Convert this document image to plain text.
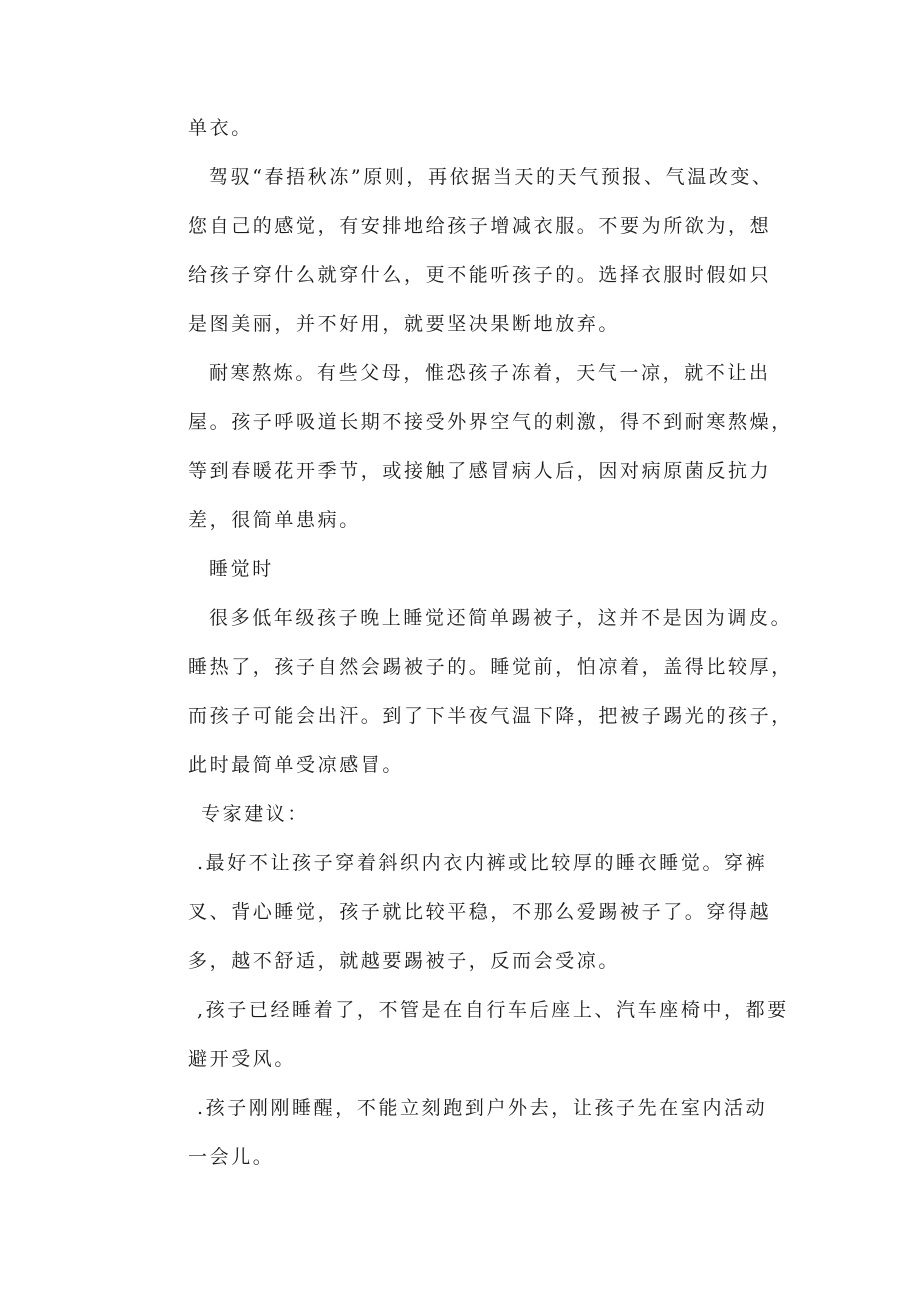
单衣。
驾驭“春捂秋冻”原则，再依据当天的天气预报、气温改变、
您自己的感觉，有安排地给孩子增减衣服。不要为所欲为，想
给孩子穿什么就穿什么，更不能听孩子的。选择衣服时假如只
是图美丽，并不好用，就要坚决果断地放弃。
耐寒熬炼。有些父母，惟恐孩子冻着，天气一凉，就不让出
屋。孩子呼吸道长期不接受外界空气的刺激，得不到耐寒熬燥，
等到春暖花开季节，或接触了感冒病人后，因对病原菌反抗力
差，很简单患病。
睡觉时
很多低年级孩子晚上睡觉还简单踢被子，这并不是因为调皮。
睡热了，孩子自然会踢被子的。睡觉前，怕凉着，盖得比较厚，
而孩子可能会出汗。到了下半夜气温下降，把被子踢光的孩子，
此时最简单受凉感冒。
专家建议：
.最好不让孩子穿着斜织内衣内裤或比较厚的睡衣睡觉。穿裤
叉、背心睡觉，孩子就比较平稳，不那么爱踢被子了。穿得越
多，越不舒适，就越要踢被子，反而会受凉。
,孩子已经睡着了，不管是在自行车后座上、汽车座椅中，都要
避开受风。
.孩子刚刚睡醒，不能立刻跑到户外去，让孩子先在室内活动
一会儿。
